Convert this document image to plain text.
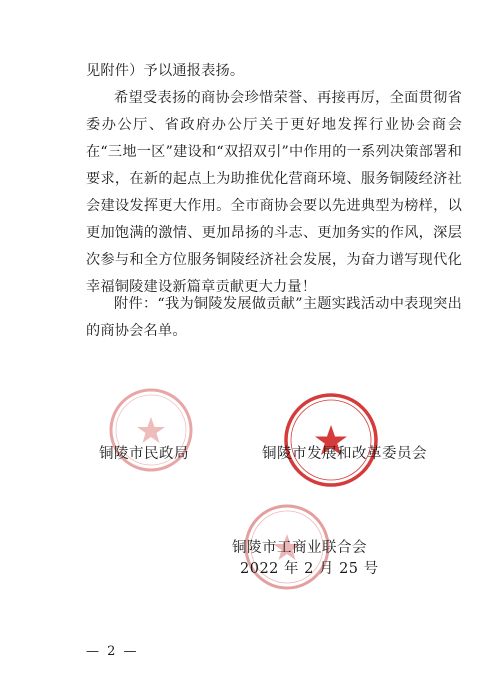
见附件）予以通报表扬。

希望受表扬的商协会珍惜荣誉、再接再厉，全面贯彻省委办公厅、省政府办公厅关于更好地发挥行业协会商会在“三地一区”建设和“双招双引”中作用的一系列决策部署和要求，在新的起点上为助推优化营商环境、服务铜陵经济社会建设发挥更大作用。全市商协会要以先进典型为榜样，以更加饱满的激情、更加昂扬的斗志、更加务实的作风，深层次参与和全方位服务铜陵经济社会发展，为奋力谱写现代化幸福铜陵建设新篇章贡献更大力量！

附件：“我为铜陵发展做贡献”主题实践活动中表现突出的商协会名单。

铜陵市民政局	铜陵市发展和改革委员会
铜陵市工商业联合会
2022 年 2 月 25 号
— 2 —
